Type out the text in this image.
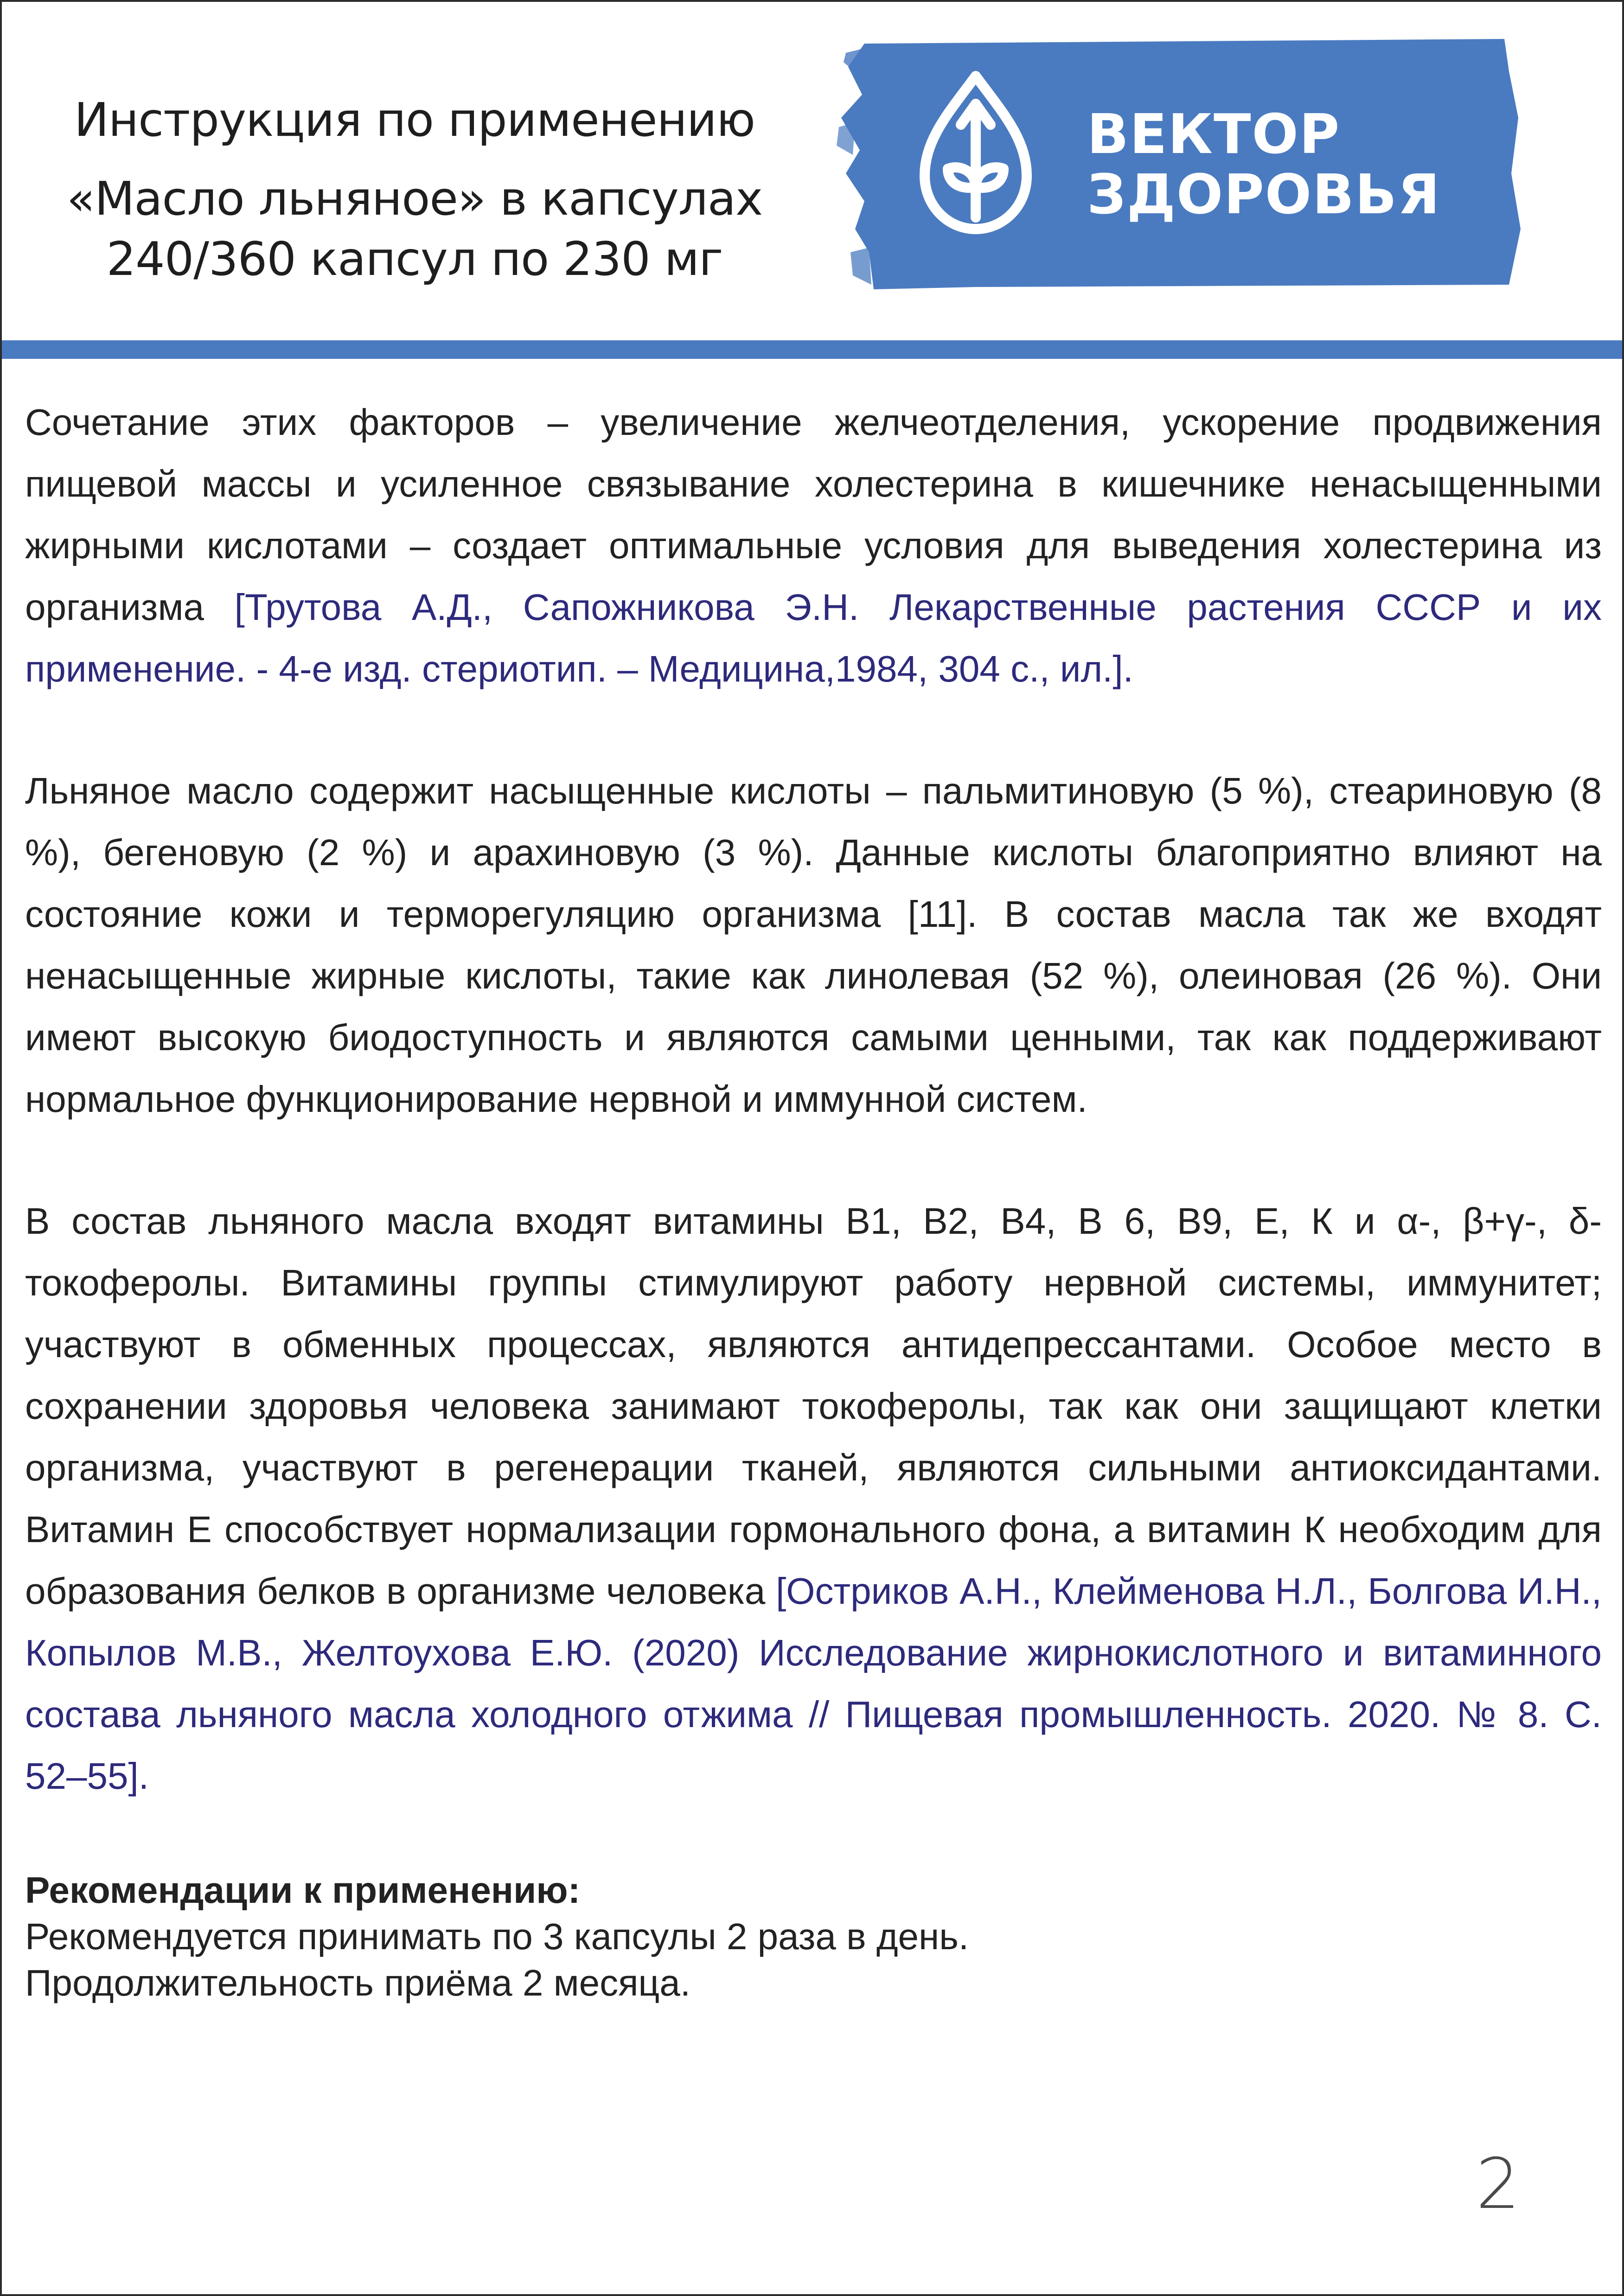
Инструкция по применению
«Масло льняное» в капсулах
240/360 капсул по 230 мг
ВЕКТОР
ЗДОРОВЬЯ

Сочетание этих факторов – увеличение желчеотделения, ускорение продвижения пищевой массы и усиленное связывание холестерина в кишечнике ненасыщенными жирными кислотами – создает оптимальные условия для выведения холестерина из организма [Трутова А.Д., Сапожникова Э.Н. Лекарственные растения СССР и их применение. - 4-е изд. стериотип. – Медицина,1984, 304 с., ил.].

Льняное масло содержит насыщенные кислоты – пальмитиновую (5 %), стеариновую (8 %), бегеновую (2 %) и арахиновую (3 %). Данные кислоты благоприятно влияют на состояние кожи и терморегуляцию организма [11]. В состав масла так же входят ненасыщенные жирные кислоты, такие как линолевая (52 %), олеиновая (26 %). Они имеют высокую биодоступность и являются самыми ценными, так как поддерживают нормальное функционирование нервной и иммунной систем.

В состав льняного масла входят витамины В1, В2, В4, В 6, В9, Е, К и α-, β+γ-, δ-токоферолы. Витамины группы стимулируют работу нервной системы, иммунитет; участвуют в обменных процессах, являются антидепрессантами. Особое место в сохранении здоровья человека занимают токоферолы, так как они защищают клетки организма, участвуют в регенерации тканей, являются сильными антиоксидантами. Витамин Е способствует нормализации гормонального фона, а витамин К необходим для образования белков в организме человека [Остриков А.Н., Клейменова Н.Л., Болгова И.Н., Копылов М.В., Желтоухова Е.Ю. (2020) Исследование жирнокислотного и витаминного состава льняного масла холодного отжима // Пищевая промышленность. 2020. № 8. С. 52–55].

Рекомендации к применению:
Рекомендуется принимать по 3 капсулы 2 раза в день.
Продолжительность приёма 2 месяца.
2
